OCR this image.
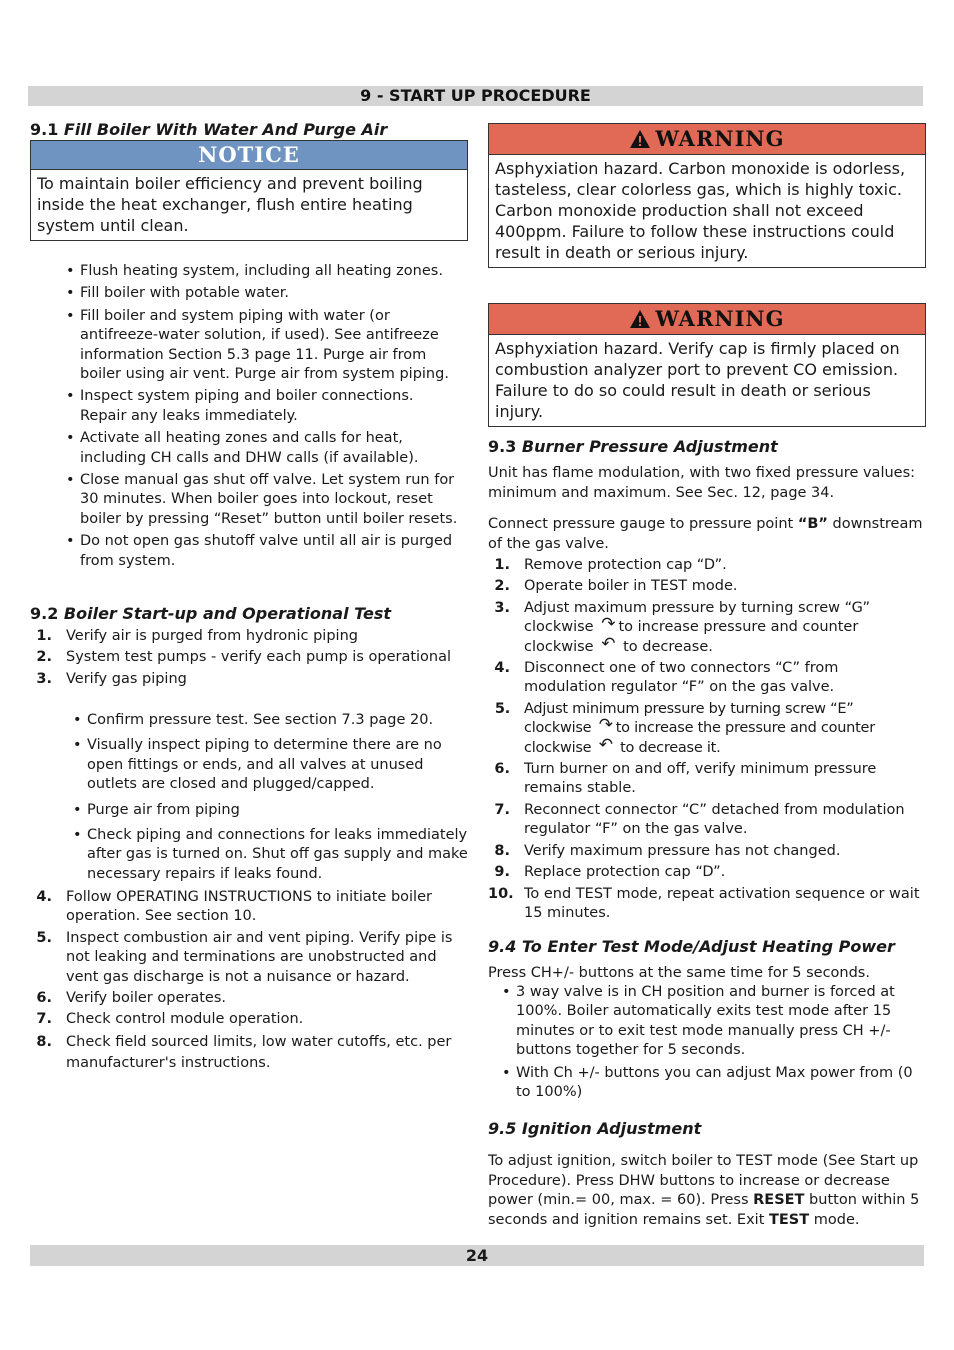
9 - START UP PROCEDURE
9.1 Fill Boiler With Water And Purge Air
NOTICE
To maintain boiler efficiency and prevent boiling inside the heat exchanger, flush entire heating system until clean.
• Flush heating system, including all heating zones.
• Fill boiler with potable water.
• Fill boiler and system piping with water (or antifreeze-water solution, if used). See antifreeze information Section 5.3 page 11. Purge air from boiler using air vent. Purge air from system piping.
• Inspect system piping and boiler connections. Repair any leaks immediately.
• Activate all heating zones and calls for heat, including CH calls and DHW calls (if available).
• Close manual gas shut off valve. Let system run for 30 minutes. When boiler goes into lockout, reset boiler by pressing “Reset” button until boiler resets.
• Do not open gas shutoff valve until all air is purged from system.
9.2 Boiler Start-up and Operational Test
1. Verify air is purged from hydronic piping
2. System test pumps - verify each pump is operational
3. Verify gas piping
• Confirm pressure test. See section 7.3 page 20.
• Visually inspect piping to determine there are no open fittings or ends, and all valves at unused outlets are closed and plugged/capped.
• Purge air from piping
• Check piping and connections for leaks immediately after gas is turned on. Shut off gas supply and make necessary repairs if leaks found.
4. Follow OPERATING INSTRUCTIONS to initiate boiler operation. See section 10.
5. Inspect combustion air and vent piping. Verify pipe is not leaking and terminations are unobstructed and vent gas discharge is not a nuisance or hazard.
6. Verify boiler operates.
7. Check control module operation.
8. Check field sourced limits, low water cutoffs, etc. per manufacturer's instructions.
WARNING
Asphyxiation hazard. Carbon monoxide is odorless, tasteless, clear colorless gas, which is highly toxic. Carbon monoxide production shall not exceed 400ppm. Failure to follow these instructions could result in death or serious injury.
WARNING
Asphyxiation hazard. Verify cap is firmly placed on combustion analyzer port to prevent CO emission. Failure to do so could result in death or serious injury.
9.3 Burner Pressure Adjustment
Unit has flame modulation, with two fixed pressure values: minimum and maximum. See Sec. 12, page 34.
Connect pressure gauge to pressure point “B” downstream of the gas valve.
1. Remove protection cap “D”.
2. Operate boiler in TEST mode.
3. Adjust maximum pressure by turning screw “G” clockwise ↷ to increase pressure and counter clockwise ↶ to decrease.
4. Disconnect one of two connectors “C” from modulation regulator “F” on the gas valve.
5. Adjust minimum pressure by turning screw “E” clockwise ↷ to increase the pressure and counter clockwise ↶ to decrease it.
6. Turn burner on and off, verify minimum pressure remains stable.
7. Reconnect connector “C” detached from modulation regulator “F” on the gas valve.
8. Verify maximum pressure has not changed.
9. Replace protection cap “D”.
10. To end TEST mode, repeat activation sequence or wait 15 minutes.
9.4 To Enter Test Mode/Adjust Heating Power
Press CH+/- buttons at the same time for 5 seconds.
• 3 way valve is in CH position and burner is forced at 100%. Boiler automatically exits test mode after 15 minutes or to exit test mode manually press CH +/- buttons together for 5 seconds.
• With Ch +/- buttons you can adjust Max power from (0 to 100%)
9.5 Ignition Adjustment
To adjust ignition, switch boiler to TEST mode (See Start up Procedure). Press DHW buttons to increase or decrease power (min.= 00, max. = 60). Press RESET button within 5 seconds and ignition remains set. Exit TEST mode.
24
